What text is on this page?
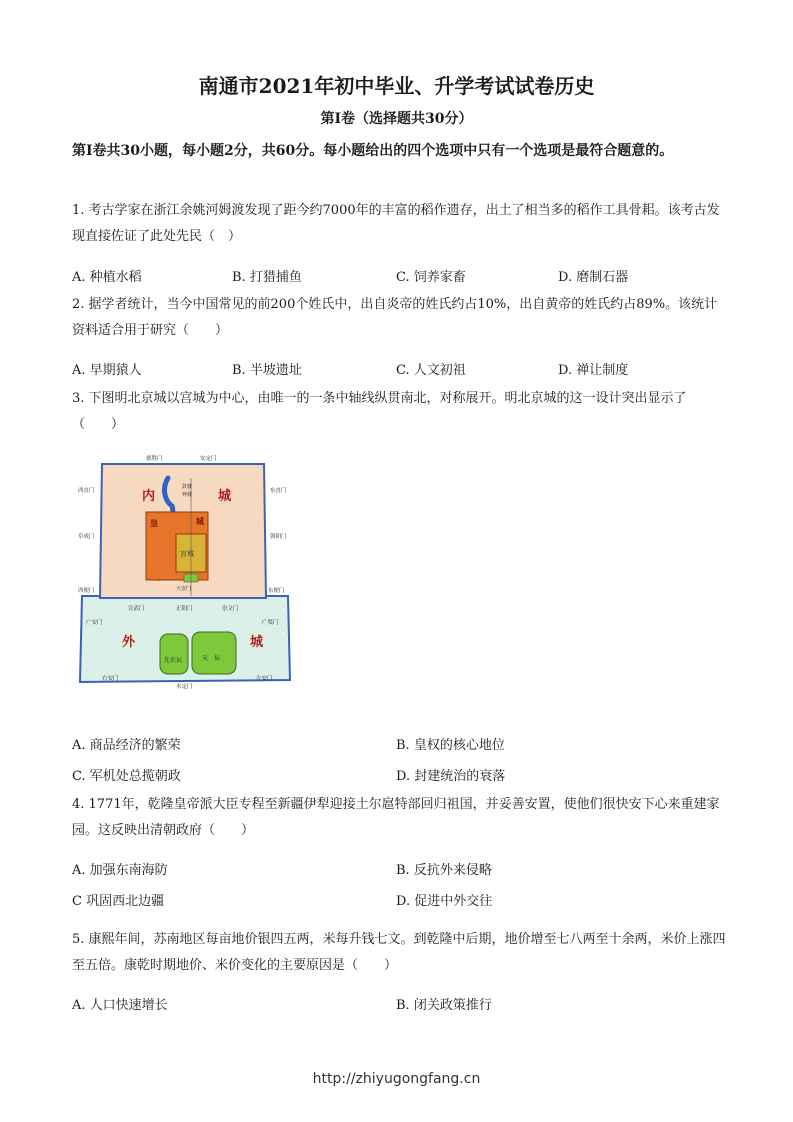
南通市2021年初中毕业、升学考试试卷历史
第Ⅰ卷（选择题共30分）
第Ⅰ卷共30小题，每小题2分，共60分。每小题给出的四个选项中只有一个选项是最符合题意的。
1. 考古学家在浙江余姚河姆渡发现了距今约7000年的丰富的稻作遗存，出土了相当多的稻作工具骨耜。该考古发现直接佐证了此处先民（　）
A. 种植水稻	B. 打猎捕鱼	C. 饲养家畜	D. 磨制石器
2. 据学者统计，当今中国常见的前200个姓氏中，出自炎帝的姓氏约占10%，出自黄帝的姓氏约占89%。该统计资料适合用于研究（　　）
A. 早期猿人	B. 半坡遗址	C. 人文初祖	D. 禅让制度
3. 下图明北京城以宫城为中心，由唯一的一条中轴线纵贯南北，对称展开。明北京城的这一设计突出显示了（　　）
内	城
皇	城
宫城
外	城
先农坛	天　坛
德胜门	安定门
西直门	东直门
阜成门	朝阳门
鼓楼
钟楼
天安门
西便门	东便门
宣武门	正阳门	崇文门
广安门	广渠门
右安门
永定门
左安门
A. 商品经济的繁荣	B. 皇权的核心地位
C. 军机处总揽朝政	D. 封建统治的衰落
4. 1771年，乾隆皇帝派大臣专程至新疆伊犁迎接土尔扈特部回归祖国，并妥善安置，使他们很快安下心来重建家园。这反映出清朝政府（　　）
A. 加强东南海防	B. 反抗外来侵略
C 巩固西北边疆	D. 促进中外交往
5. 康熙年间，苏南地区每亩地价银四五两，米每升钱七文。到乾隆中后期，地价增至七八两至十余两，米价上涨四至五倍。康乾时期地价、米价变化的主要原因是（　　）
A. 人口快速增长	B. 闭关政策推行
http://zhiyugongfang.cn
